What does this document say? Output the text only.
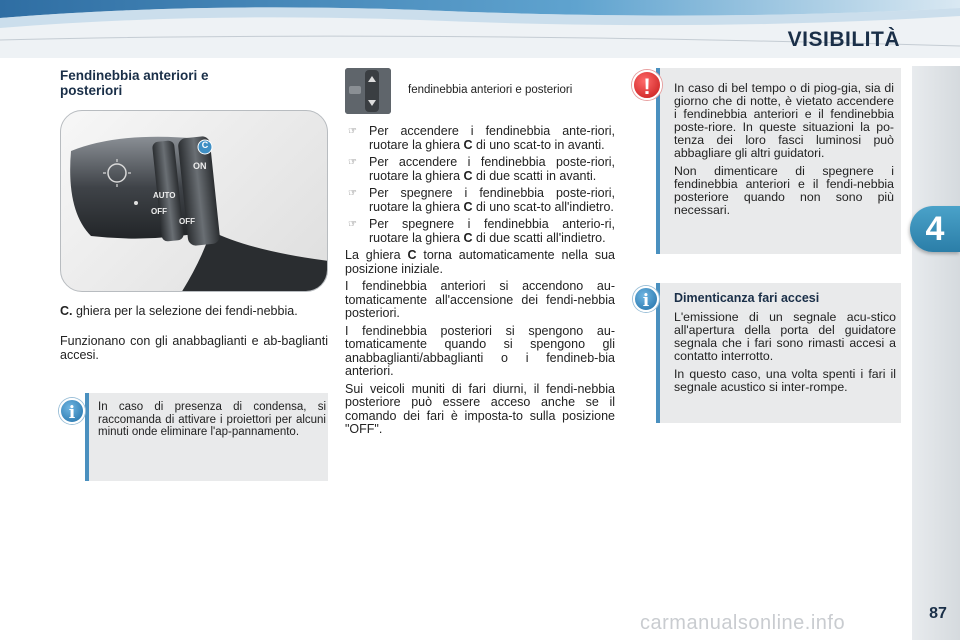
VISIBILITÀ
4
Fendinebbia anteriori e
posteriori
C
ON
AUTO
OFF
OFF
C. ghiera per la selezione dei fendi-nebbia.
Funzionano con gli anabbaglianti e ab-baglianti accesi.
In caso di presenza di condensa, si raccomanda di attivare i proiettori per alcuni minuti onde eliminare l'ap-pannamento.
i
fendinebbia anteriori e posteriori
☞ Per accendere i fendinebbia ante-riori, ruotare la ghiera C di uno scat-to in avanti.
☞ Per accendere i fendinebbia poste-riori, ruotare la ghiera C di due scatti in avanti.
☞ Per spegnere i fendinebbia poste-riori, ruotare la ghiera C di uno scat-to all'indietro.
☞ Per spegnere i fendinebbia anterio-ri, ruotare la ghiera C di due scatti all'indietro.
La ghiera C torna automaticamente nella sua posizione iniziale.
I fendinebbia anteriori si accendono au-tomaticamente all'accensione dei fendi-nebbia posteriori.
I fendinebbia posteriori si spengono au-tomaticamente quando si spengono gli anabbaglianti/abbaglianti o i fendineb-bia anteriori.
Sui veicoli muniti di fari diurni, il fendi-nebbia posteriore può essere acceso anche se il comando dei fari è imposta-to sulla posizione "OFF".
In caso di bel tempo o di piog-gia, sia di giorno che di notte, è vietato accendere i fendinebbia anteriori e il fendinebbia poste-riore. In queste situazioni la po-tenza dei loro fasci luminosi può abbagliare gli altri guidatori.
Non dimenticare di spegnere i fendinebbia anteriori e il fendi-nebbia posteriore quando non sono più necessari.
!
Dimenticanza fari accesi
L'emissione di un segnale acu-stico all'apertura della porta del guidatore segnala che i fari sono rimasti accesi a contatto interrotto.
In questo caso, una volta spenti i fari il segnale acustico si inter-rompe.
i
87
carmanualsonline.info
